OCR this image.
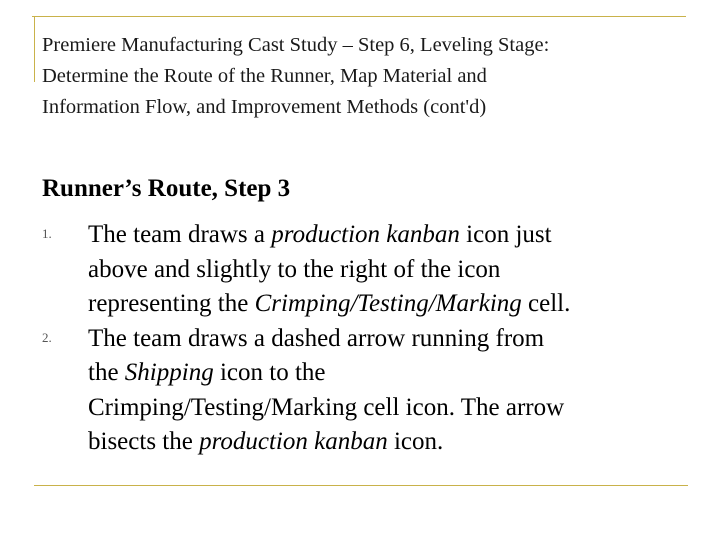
Premiere Manufacturing Cast Study – Step 6, Leveling Stage:
Determine the Route of the Runner, Map Material and
Information Flow, and Improvement Methods (cont'd)
Runner’s Route, Step 3
1. The team draws a production kanban icon just
above and slightly to the right of the icon
representing the Crimping/Testing/Marking cell.
2. The team draws a dashed arrow running from
the Shipping icon to the
Crimping/Testing/Marking cell icon. The arrow
bisects the production kanban icon.
